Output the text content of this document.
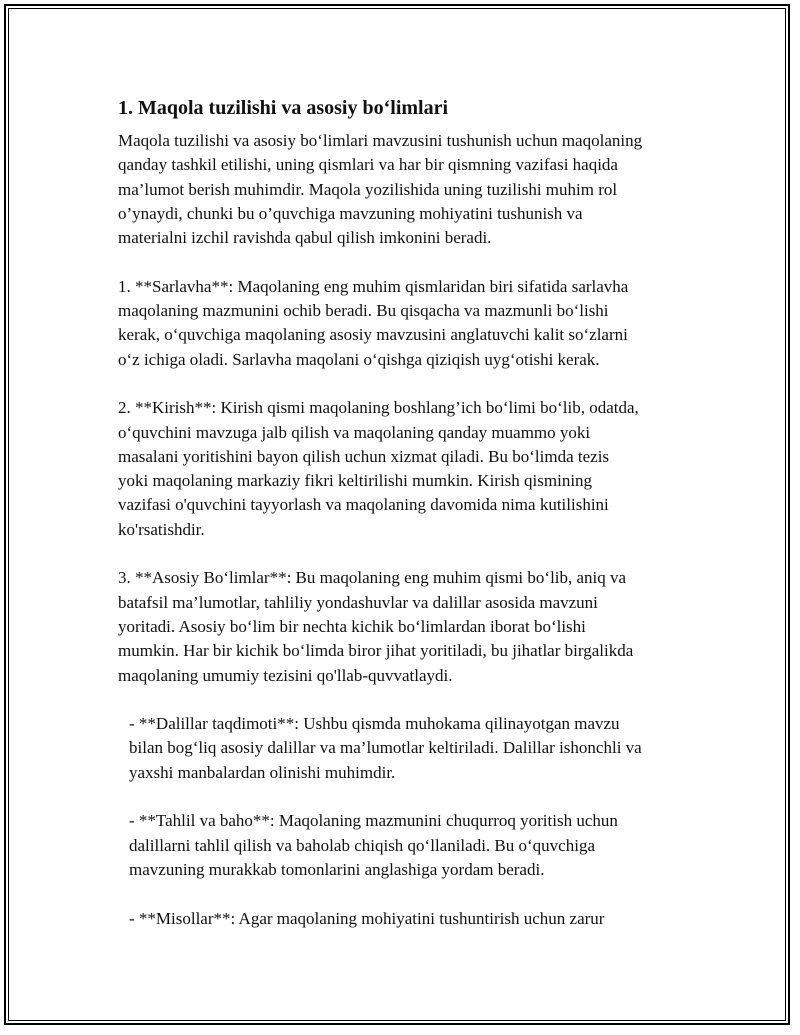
1. Maqola tuzilishi va asosiy bo‘limlari
Maqola tuzilishi va asosiy bo‘limlari mavzusini tushunish uchun maqolaning
qanday tashkil etilishi, uning qismlari va har bir qismning vazifasi haqida
ma’lumot berish muhimdir. Maqola yozilishida uning tuzilishi muhim rol
o’ynaydi, chunki bu o’quvchiga mavzuning mohiyatini tushunish va
materialni izchil ravishda qabul qilish imkonini beradi.
1. **Sarlavha**: Maqolaning eng muhim qismlaridan biri sifatida sarlavha
maqolaning mazmunini ochib beradi. Bu qisqacha va mazmunli bo‘lishi
kerak, o‘quvchiga maqolaning asosiy mavzusini anglatuvchi kalit so‘zlarni
o‘z ichiga oladi. Sarlavha maqolani o‘qishga qiziqish uyg‘otishi kerak.
2. **Kirish**: Kirish qismi maqolaning boshlang’ich bo‘limi bo‘lib, odatda,
o‘quvchini mavzuga jalb qilish va maqolaning qanday muammo yoki
masalani yoritishini bayon qilish uchun xizmat qiladi. Bu bo‘limda tezis
yoki maqolaning markaziy fikri keltirilishi mumkin. Kirish qismining
vazifasi o'quvchini tayyorlash va maqolaning davomida nima kutilishini
ko'rsatishdir.
3. **Asosiy Bo‘limlar**: Bu maqolaning eng muhim qismi bo‘lib, aniq va
batafsil ma’lumotlar, tahliliy yondashuvlar va dalillar asosida mavzuni
yoritadi. Asosiy bo‘lim bir nechta kichik bo‘limlardan iborat bo‘lishi
mumkin. Har bir kichik bo‘limda biror jihat yoritiladi, bu jihatlar birgalikda
maqolaning umumiy tezisini qo'llab-quvvatlaydi.
- **Dalillar taqdimoti**: Ushbu qismda muhokama qilinayotgan mavzu
bilan bog‘liq asosiy dalillar va ma’lumotlar keltiriladi. Dalillar ishonchli va
yaxshi manbalardan olinishi muhimdir.
- **Tahlil va baho**: Maqolaning mazmunini chuqurroq yoritish uchun
dalillarni tahlil qilish va baholab chiqish qo‘llaniladi. Bu o‘quvchiga
mavzuning murakkab tomonlarini anglashiga yordam beradi.
- **Misollar**: Agar maqolaning mohiyatini tushuntirish uchun zarur
